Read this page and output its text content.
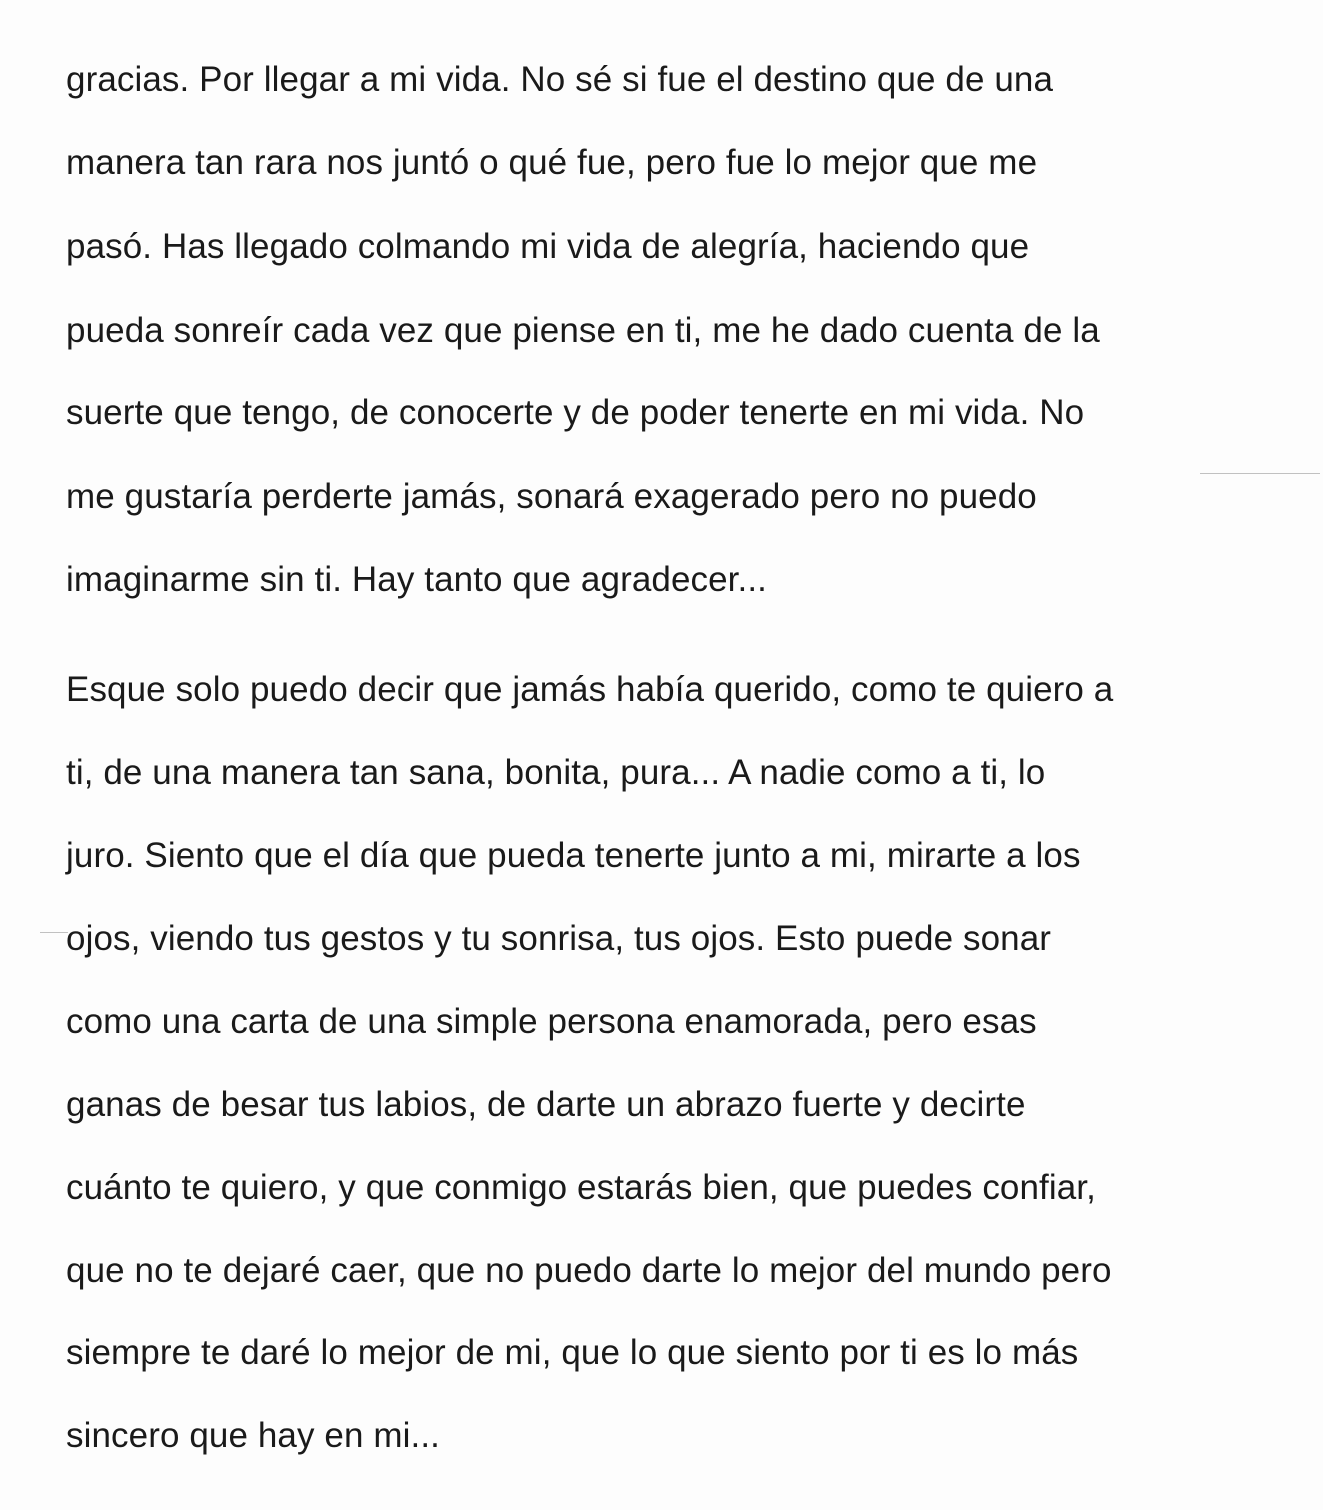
gracias. Por llegar a mi vida. No sé si fue el destino que de una

manera tan rara nos juntó o qué fue, pero fue lo mejor que me

pasó. Has llegado colmando mi vida de alegría, haciendo que

pueda sonreír cada vez que piense en ti, me he dado cuenta de la

suerte que tengo, de conocerte y de poder tenerte en mi vida. No

me gustaría perderte jamás, sonará exagerado pero no puedo

imaginarme sin ti. Hay tanto que agradecer...

Esque solo puedo decir que jamás había querido, como te quiero a

ti, de una manera tan sana, bonita, pura... A nadie como a ti, lo

juro. Siento que el día que pueda tenerte junto a mi, mirarte a los

ojos, viendo tus gestos y tu sonrisa, tus ojos. Esto puede sonar

como una carta de una simple persona enamorada, pero esas

ganas de besar tus labios, de darte un abrazo fuerte y decirte

cuánto te quiero, y que conmigo estarás bien, que puedes confiar,

que no te dejaré caer, que no puedo darte lo mejor del mundo pero

siempre te daré lo mejor de mi, que lo que siento por ti es lo más

sincero que hay en mi...
